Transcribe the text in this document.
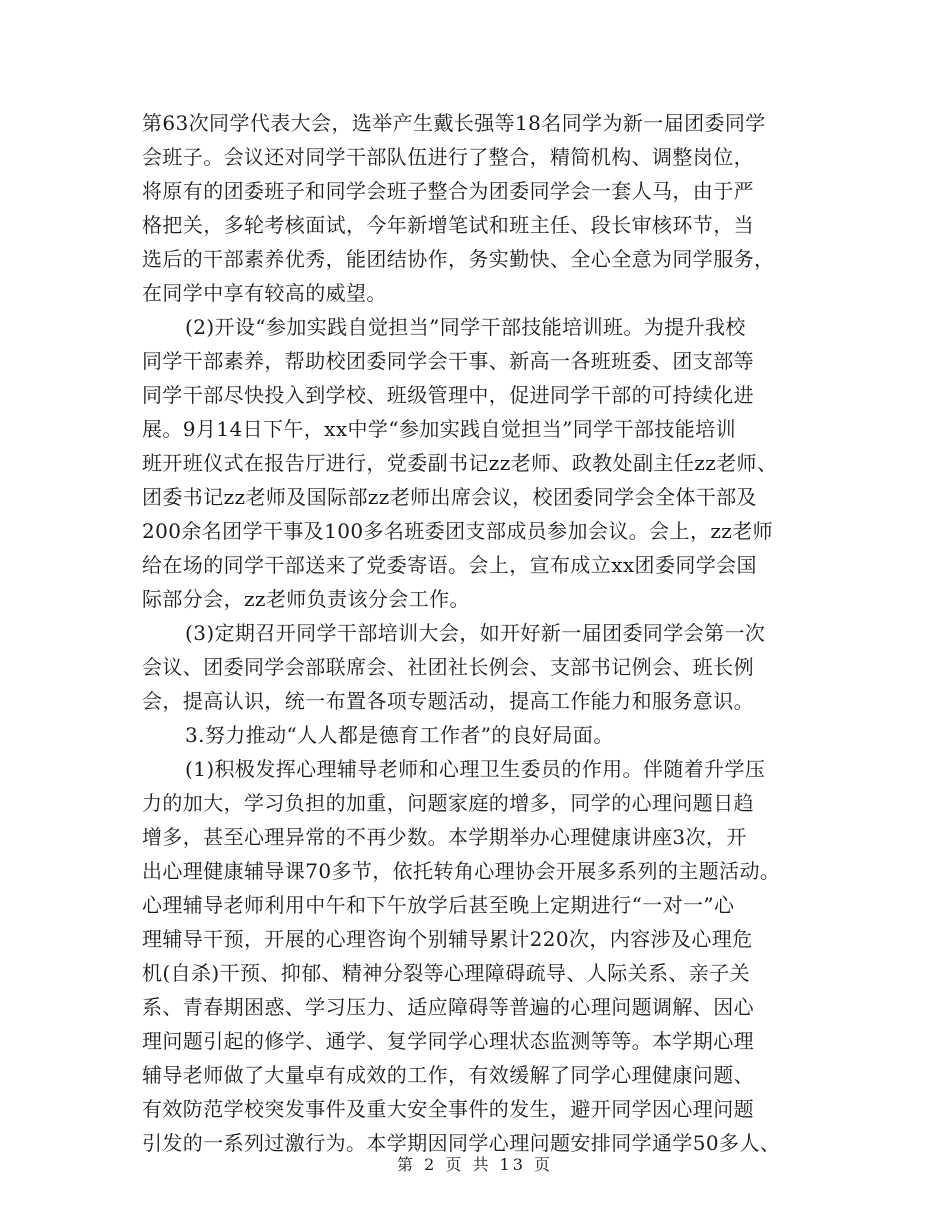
第63次同学代表大会，选举产生戴长强等18名同学为新一届团委同学
会班子。会议还对同学干部队伍进行了整合，精简机构、调整岗位，
将原有的团委班子和同学会班子整合为团委同学会一套人马，由于严
格把关，多轮考核面试，今年新增笔试和班主任、段长审核环节，当
选后的干部素养优秀，能团结协作，务实勤快、全心全意为同学服务，
在同学中享有较高的威望。
(2)开设“参加实践自觉担当”同学干部技能培训班。为提升我校
同学干部素养，帮助校团委同学会干事、新高一各班班委、团支部等
同学干部尽快投入到学校、班级管理中，促进同学干部的可持续化进
展。9月14日下午，xx中学“参加实践自觉担当”同学干部技能培训
班开班仪式在报告厅进行，党委副书记zz老师、政教处副主任zz老师、
团委书记zz老师及国际部zz老师出席会议，校团委同学会全体干部及
200余名团学干事及100多名班委团支部成员参加会议。会上，zz老师
给在场的同学干部送来了党委寄语。会上，宣布成立xx团委同学会国
际部分会，zz老师负责该分会工作。
(3)定期召开同学干部培训大会，如开好新一届团委同学会第一次
会议、团委同学会部联席会、社团社长例会、支部书记例会、班长例
会，提高认识，统一布置各项专题活动，提高工作能力和服务意识。
3.努力推动“人人都是德育工作者”的良好局面。
(1)积极发挥心理辅导老师和心理卫生委员的作用。伴随着升学压
力的加大，学习负担的加重，问题家庭的增多，同学的心理问题日趋
增多，甚至心理异常的不再少数。本学期举办心理健康讲座3次，开
出心理健康辅导课70多节，依托转角心理协会开展多系列的主题活动。
心理辅导老师利用中午和下午放学后甚至晚上定期进行“一对一”心
理辅导干预，开展的心理咨询个别辅导累计220次，内容涉及心理危
机(自杀)干预、抑郁、精神分裂等心理障碍疏导、人际关系、亲子关
系、青春期困惑、学习压力、适应障碍等普遍的心理问题调解、因心
理问题引起的修学、通学、复学同学心理状态监测等等。本学期心理
辅导老师做了大量卓有成效的工作，有效缓解了同学心理健康问题、
有效防范学校突发事件及重大安全事件的发生，避开同学因心理问题
引发的一系列过激行为。本学期因同学心理问题安排同学通学50多人、
第 2 页 共 13 页
